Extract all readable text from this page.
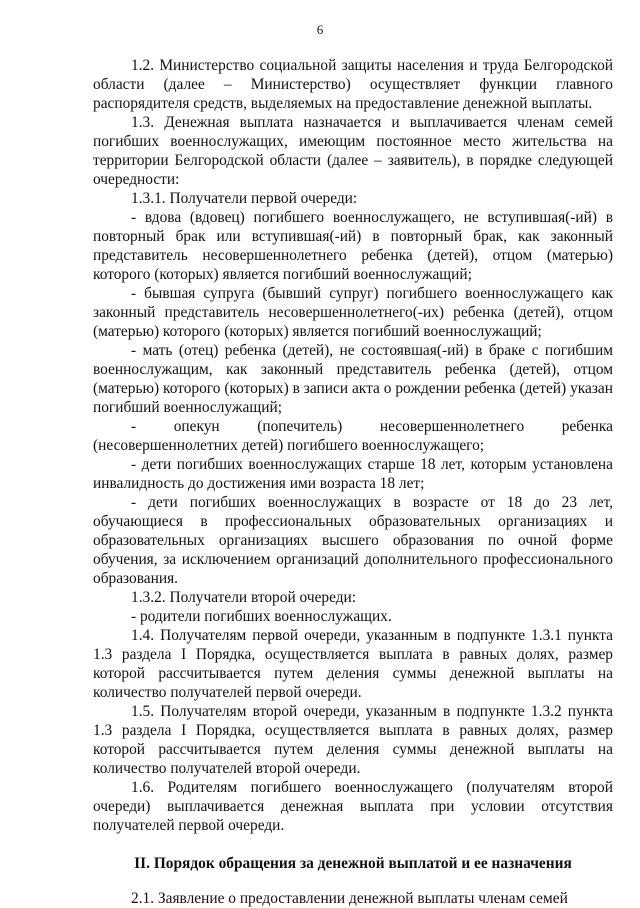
6

1.2. Министерство социальной защиты населения и труда Белгородской области (далее – Министерство) осуществляет функции главного распорядителя средств, выделяемых на предоставление денежной выплаты.

1.3. Денежная выплата назначается и выплачивается членам семей погибших военнослужащих, имеющим постоянное место жительства на территории Белгородской области (далее – заявитель), в порядке следующей очередности:

1.3.1. Получатели первой очереди:

- вдова (вдовец) погибшего военнослужащего, не вступившая(-ий) в повторный брак или вступившая(-ий) в повторный брак, как законный представитель несовершеннолетнего ребенка (детей), отцом (матерью) которого (которых) является погибший военнослужащий;

- бывшая супруга (бывший супруг) погибшего военнослужащего как законный представитель несовершеннолетнего(-их) ребенка (детей), отцом (матерью) которого (которых) является погибший военнослужащий;

- мать (отец) ребенка (детей), не состоявшая(-ий) в браке с погибшим военнослужащим, как законный представитель ребенка (детей), отцом (матерью) которого (которых) в записи акта о рождении ребенка (детей) указан погибший военнослужащий;

- опекун (попечитель) несовершеннолетнего ребенка (несовершеннолетних детей) погибшего военнослужащего;

- дети погибших военнослужащих старше 18 лет, которым установлена инвалидность до достижения ими возраста 18 лет;

- дети погибших военнослужащих в возрасте от 18 до 23 лет, обучающиеся в профессиональных образовательных организациях и образовательных организациях высшего образования по очной форме обучения, за исключением организаций дополнительного профессионального образования.

1.3.2. Получатели второй очереди:

- родители погибших военнослужащих.

1.4. Получателям первой очереди, указанным в подпункте 1.3.1 пункта 1.3 раздела I Порядка, осуществляется выплата в равных долях, размер которой рассчитывается путем деления суммы денежной выплаты на количество получателей первой очереди.

1.5. Получателям второй очереди, указанным в подпункте 1.3.2 пункта 1.3 раздела I Порядка, осуществляется выплата в равных долях, размер которой рассчитывается путем деления суммы денежной выплаты на количество получателей второй очереди.

1.6. Родителям погибшего военнослужащего (получателям второй очереди) выплачивается денежная выплата при условии отсутствия получателей первой очереди.

II. Порядок обращения за денежной выплатой и ее назначения

2.1. Заявление о предоставлении денежной выплаты членам семей
